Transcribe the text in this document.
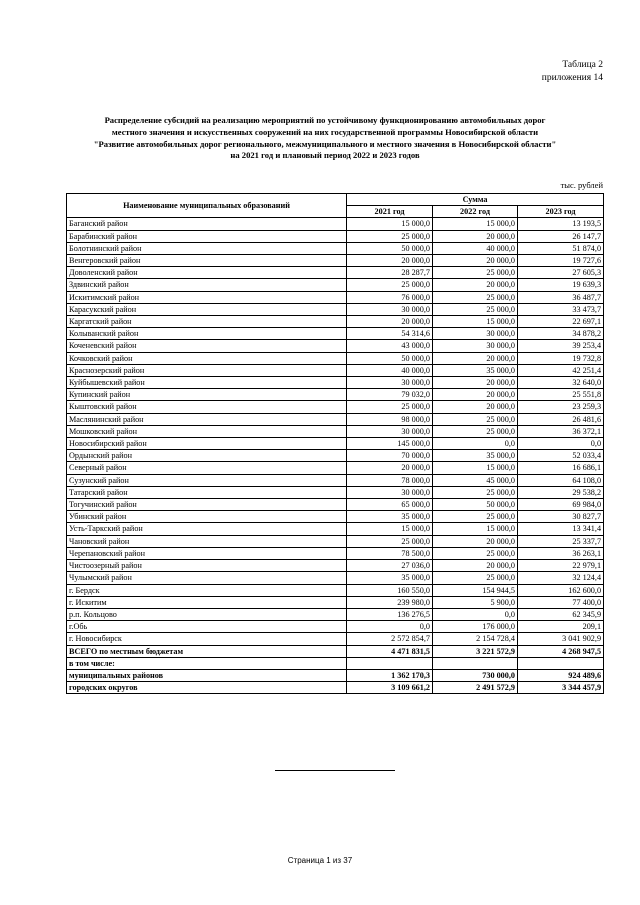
Таблица 2
приложения 14
Распределение субсидий на реализацию мероприятий по устойчивому функционированию автомобильных дорог
местного значения и искусственных сооружений на них государственной программы Новосибирской области
"Развитие автомобильных дорог регионального, межмуниципального и местного значения в Новосибирской области"
на 2021 год и плановый период 2022 и 2023 годов
тыс. рублей
Наименование муниципальных образований	Сумма		
	2021 год	2022 год	2023 год
Баганский район	15 000,0	15 000,0	13 193,5
Барабинский район	25 000,0	20 000,0	26 147,7
Болотнинский район	50 000,0	40 000,0	51 874,0
Венгеровский район	20 000,0	20 000,0	19 727,6
Доволенский район	28 287,7	25 000,0	27 605,3
Здвинский район	25 000,0	20 000,0	19 639,3
Искитимский район	76 000,0	25 000,0	36 487,7
Карасукский район	30 000,0	25 000,0	33 473,7
Каргатский район	20 000,0	15 000,0	22 697,1
Колыванский район	54 314,6	30 000,0	34 878,2
Коченевский район	43 000,0	30 000,0	39 253,4
Кочковский район	50 000,0	20 000,0	19 732,8
Краснозерский район	40 000,0	35 000,0	42 251,4
Куйбышевский район	30 000,0	20 000,0	32 640,0
Купинский район	79 032,0	20 000,0	25 551,8
Кыштовский район	25 000,0	20 000,0	23 259,3
Маслянинский район	98 000,0	25 000,0	26 481,6
Мошковский район	30 000,0	25 000,0	36 372,1
Новосибирский район	145 000,0	0,0	0,0
Ордынский район	70 000,0	35 000,0	52 033,4
Северный район	20 000,0	15 000,0	16 686,1
Сузунский район	78 000,0	45 000,0	64 108,0
Татарский район	30 000,0	25 000,0	29 538,2
Тогучинский район	65 000,0	50 000,0	69 984,0
Убинский район	35 000,0	25 000,0	30 827,7
Усть-Таркский район	15 000,0	15 000,0	13 341,4
Чановский район	25 000,0	20 000,0	25 337,7
Черепановский район	78 500,0	25 000,0	36 263,1
Чистоозерный район	27 036,0	20 000,0	22 979,1
Чулымский район	35 000,0	25 000,0	32 124,4
г. Бердск	160 550,0	154 944,5	162 600,0
г. Искитим	239 980,0	5 900,0	77 400,0
р.п. Кольцово	136 276,5	0,0	62 345,9
г.Обь	0,0	176 000,0	209,1
г. Новосибирск	2 572 854,7	2 154 728,4	3 041 902,9
ВСЕГО по местным бюджетам	4 471 831,5	3 221 572,9	4 268 947,5
в том числе:			
муниципальных районов	1 362 170,3	730 000,0	924 489,6
городских округов	3 109 661,2	2 491 572,9	3 344 457,9
Страница 1 из 37
